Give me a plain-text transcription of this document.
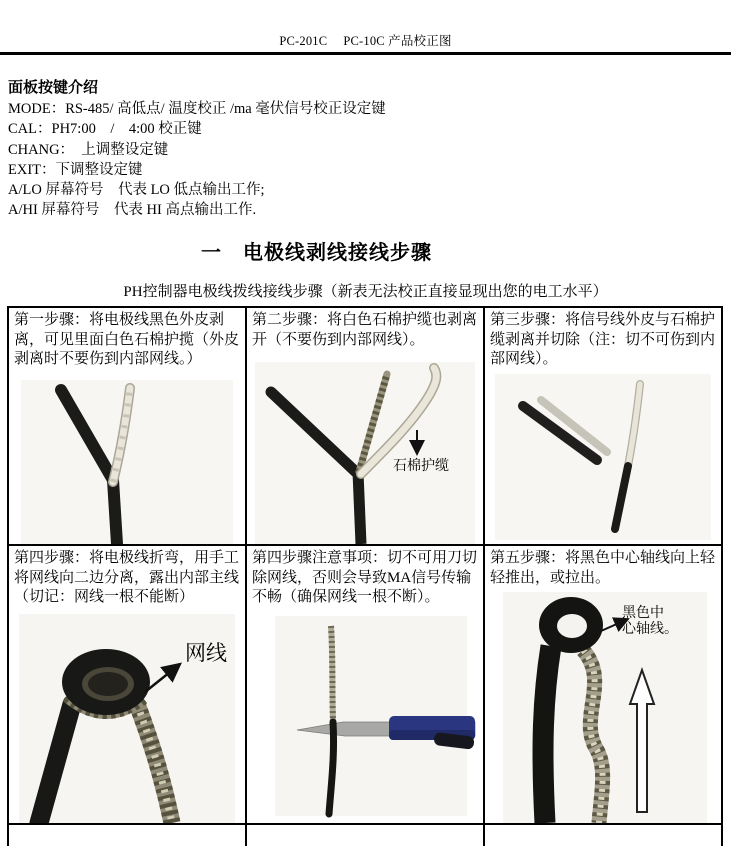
PC-201C　 PC-10C 产品校正图
面板按键介绍
MODE：RS-485/ 高低点/ 温度校正 /ma 毫伏信号校正设定键
CAL：PH7:00　/　4:00 校正键
CHANG：　上调整设定键
EXIT：下调整设定键
A/LO 屏幕符号　代表 LO 低点输出工作;
A/HI 屏幕符号　代表 HI 高点输出工作.
一　电极线剥线接线步骤
PH控制器电极线拨线接线步骤（新表无法校正直接显现出您的电工水平）
第一步骤：将电极线黑色外皮剥离，可见里面白色石棉护揽（外皮剥离时不要伤到内部网线。）
第二步骤：将白色石棉护缆也剥离开（不要伤到内部网线）。
石棉护缆
第三步骤：将信号线外皮与石棉护缆剥离并切除（注：切不可伤到内部网线）。
第四步骤：将电极线折弯，用手工将网线向二边分离，露出内部主线（切记：网线一根不能断）
网线
第四步骤注意事项：切不可用刀切除网线，否则会导致MA信号传输不畅（确保网线一根不断）。
第五步骤：将黑色中心轴线向上轻轻推出，或拉出。
黑色中
心轴线。
